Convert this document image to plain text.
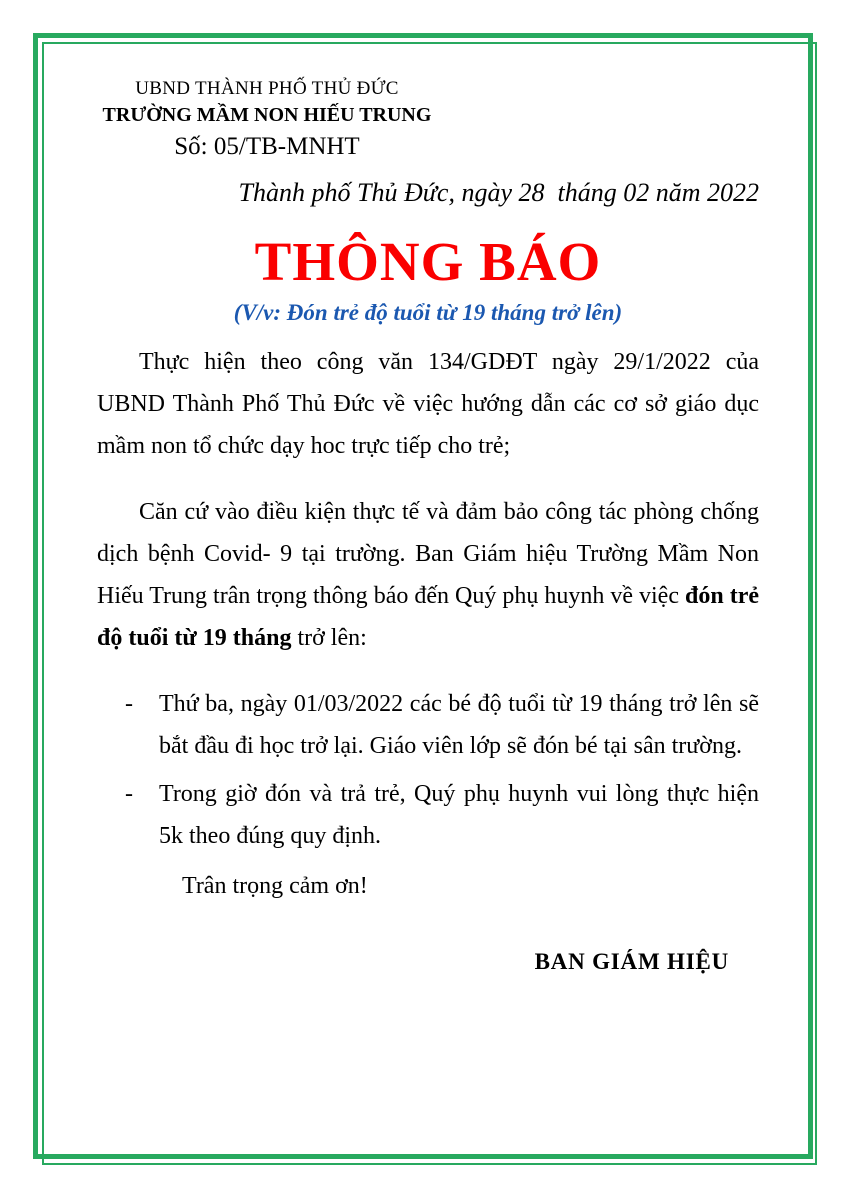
UBND THÀNH PHỐ THỦ ĐỨC
TRƯỜNG MẦM NON HIẾU TRUNG
Số: 05/TB-MNHT
Thành phố Thủ Đức, ngày 28  tháng 02 năm 2022
THÔNG BÁO
(V/v: Đón trẻ độ tuổi từ 19 tháng trở lên)

Thực hiện theo công văn 134/GDĐT ngày 29/1/2022 của UBND Thành Phố Thủ Đức về việc hướng dẫn các cơ sở giáo dục mầm non tổ chức dạy hoc trực tiếp cho trẻ;

Căn cứ vào điều kiện thực tế và đảm bảo công tác phòng chống dịch bệnh Covid- 9 tại trường. Ban Giám hiệu Trường Mầm Non Hiếu Trung trân trọng thông báo đến Quý phụ huynh về việc đón trẻ độ tuổi từ 19 tháng trở lên:

-	Thứ ba, ngày 01/03/2022 các bé độ tuổi từ 19 tháng trở lên sẽ bắt đầu đi học trở lại. Giáo viên lớp sẽ đón bé tại sân trường.
-	Trong giờ đón và trả trẻ, Quý phụ huynh vui lòng thực hiện 5k theo đúng quy định.
Trân trọng cảm ơn!
BAN GIÁM HIỆU
